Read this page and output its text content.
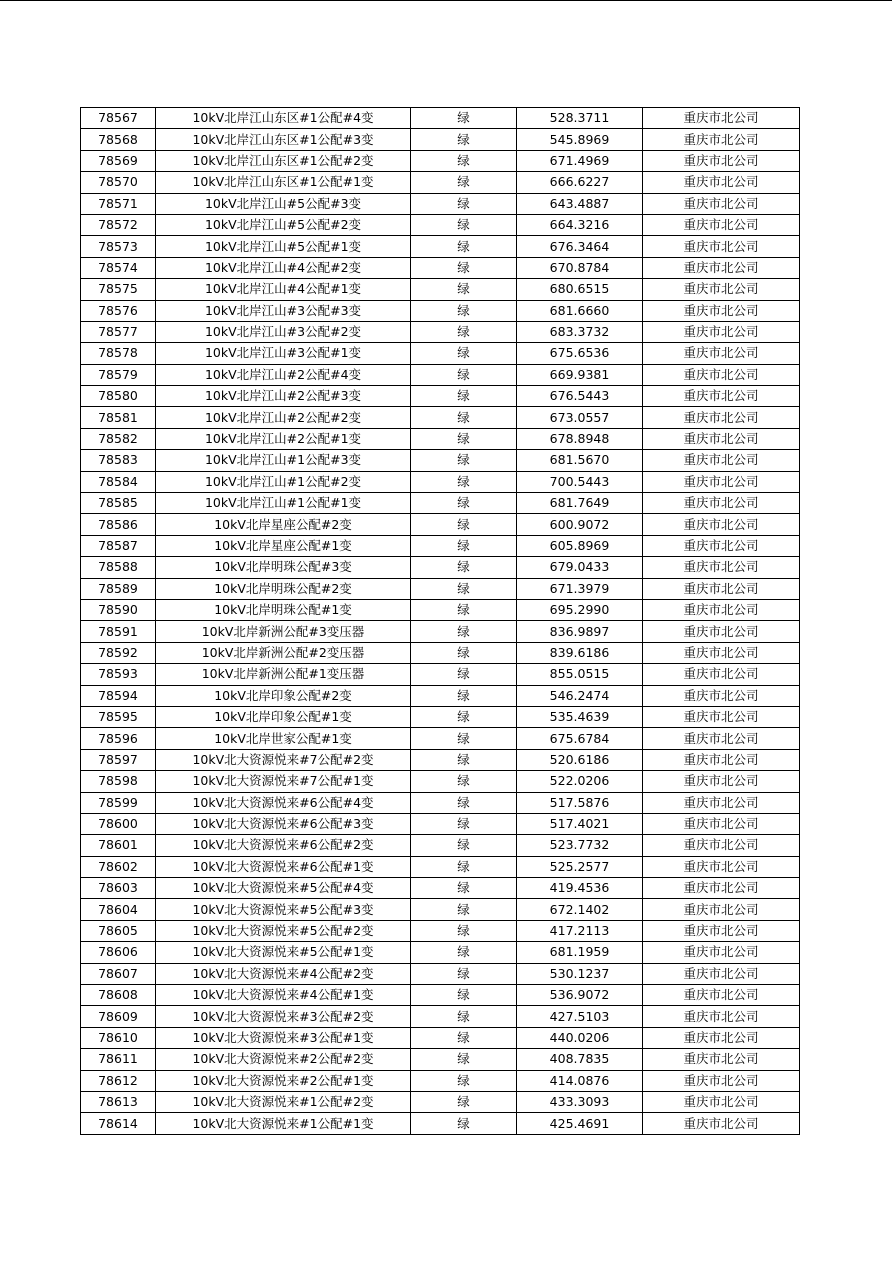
78567	10kV北岸江山东区#1公配#4变	绿	528.3711	重庆市北公司
78568	10kV北岸江山东区#1公配#3变	绿	545.8969	重庆市北公司
78569	10kV北岸江山东区#1公配#2变	绿	671.4969	重庆市北公司
78570	10kV北岸江山东区#1公配#1变	绿	666.6227	重庆市北公司
78571	10kV北岸江山#5公配#3变	绿	643.4887	重庆市北公司
78572	10kV北岸江山#5公配#2变	绿	664.3216	重庆市北公司
78573	10kV北岸江山#5公配#1变	绿	676.3464	重庆市北公司
78574	10kV北岸江山#4公配#2变	绿	670.8784	重庆市北公司
78575	10kV北岸江山#4公配#1变	绿	680.6515	重庆市北公司
78576	10kV北岸江山#3公配#3变	绿	681.6660	重庆市北公司
78577	10kV北岸江山#3公配#2变	绿	683.3732	重庆市北公司
78578	10kV北岸江山#3公配#1变	绿	675.6536	重庆市北公司
78579	10kV北岸江山#2公配#4变	绿	669.9381	重庆市北公司
78580	10kV北岸江山#2公配#3变	绿	676.5443	重庆市北公司
78581	10kV北岸江山#2公配#2变	绿	673.0557	重庆市北公司
78582	10kV北岸江山#2公配#1变	绿	678.8948	重庆市北公司
78583	10kV北岸江山#1公配#3变	绿	681.5670	重庆市北公司
78584	10kV北岸江山#1公配#2变	绿	700.5443	重庆市北公司
78585	10kV北岸江山#1公配#1变	绿	681.7649	重庆市北公司
78586	10kV北岸星座公配#2变	绿	600.9072	重庆市北公司
78587	10kV北岸星座公配#1变	绿	605.8969	重庆市北公司
78588	10kV北岸明珠公配#3变	绿	679.0433	重庆市北公司
78589	10kV北岸明珠公配#2变	绿	671.3979	重庆市北公司
78590	10kV北岸明珠公配#1变	绿	695.2990	重庆市北公司
78591	10kV北岸新洲公配#3变压器	绿	836.9897	重庆市北公司
78592	10kV北岸新洲公配#2变压器	绿	839.6186	重庆市北公司
78593	10kV北岸新洲公配#1变压器	绿	855.0515	重庆市北公司
78594	10kV北岸印象公配#2变	绿	546.2474	重庆市北公司
78595	10kV北岸印象公配#1变	绿	535.4639	重庆市北公司
78596	10kV北岸世家公配#1变	绿	675.6784	重庆市北公司
78597	10kV北大资源悦来#7公配#2变	绿	520.6186	重庆市北公司
78598	10kV北大资源悦来#7公配#1变	绿	522.0206	重庆市北公司
78599	10kV北大资源悦来#6公配#4变	绿	517.5876	重庆市北公司
78600	10kV北大资源悦来#6公配#3变	绿	517.4021	重庆市北公司
78601	10kV北大资源悦来#6公配#2变	绿	523.7732	重庆市北公司
78602	10kV北大资源悦来#6公配#1变	绿	525.2577	重庆市北公司
78603	10kV北大资源悦来#5公配#4变	绿	419.4536	重庆市北公司
78604	10kV北大资源悦来#5公配#3变	绿	672.1402	重庆市北公司
78605	10kV北大资源悦来#5公配#2变	绿	417.2113	重庆市北公司
78606	10kV北大资源悦来#5公配#1变	绿	681.1959	重庆市北公司
78607	10kV北大资源悦来#4公配#2变	绿	530.1237	重庆市北公司
78608	10kV北大资源悦来#4公配#1变	绿	536.9072	重庆市北公司
78609	10kV北大资源悦来#3公配#2变	绿	427.5103	重庆市北公司
78610	10kV北大资源悦来#3公配#1变	绿	440.0206	重庆市北公司
78611	10kV北大资源悦来#2公配#2变	绿	408.7835	重庆市北公司
78612	10kV北大资源悦来#2公配#1变	绿	414.0876	重庆市北公司
78613	10kV北大资源悦来#1公配#2变	绿	433.3093	重庆市北公司
78614	10kV北大资源悦来#1公配#1变	绿	425.4691	重庆市北公司
